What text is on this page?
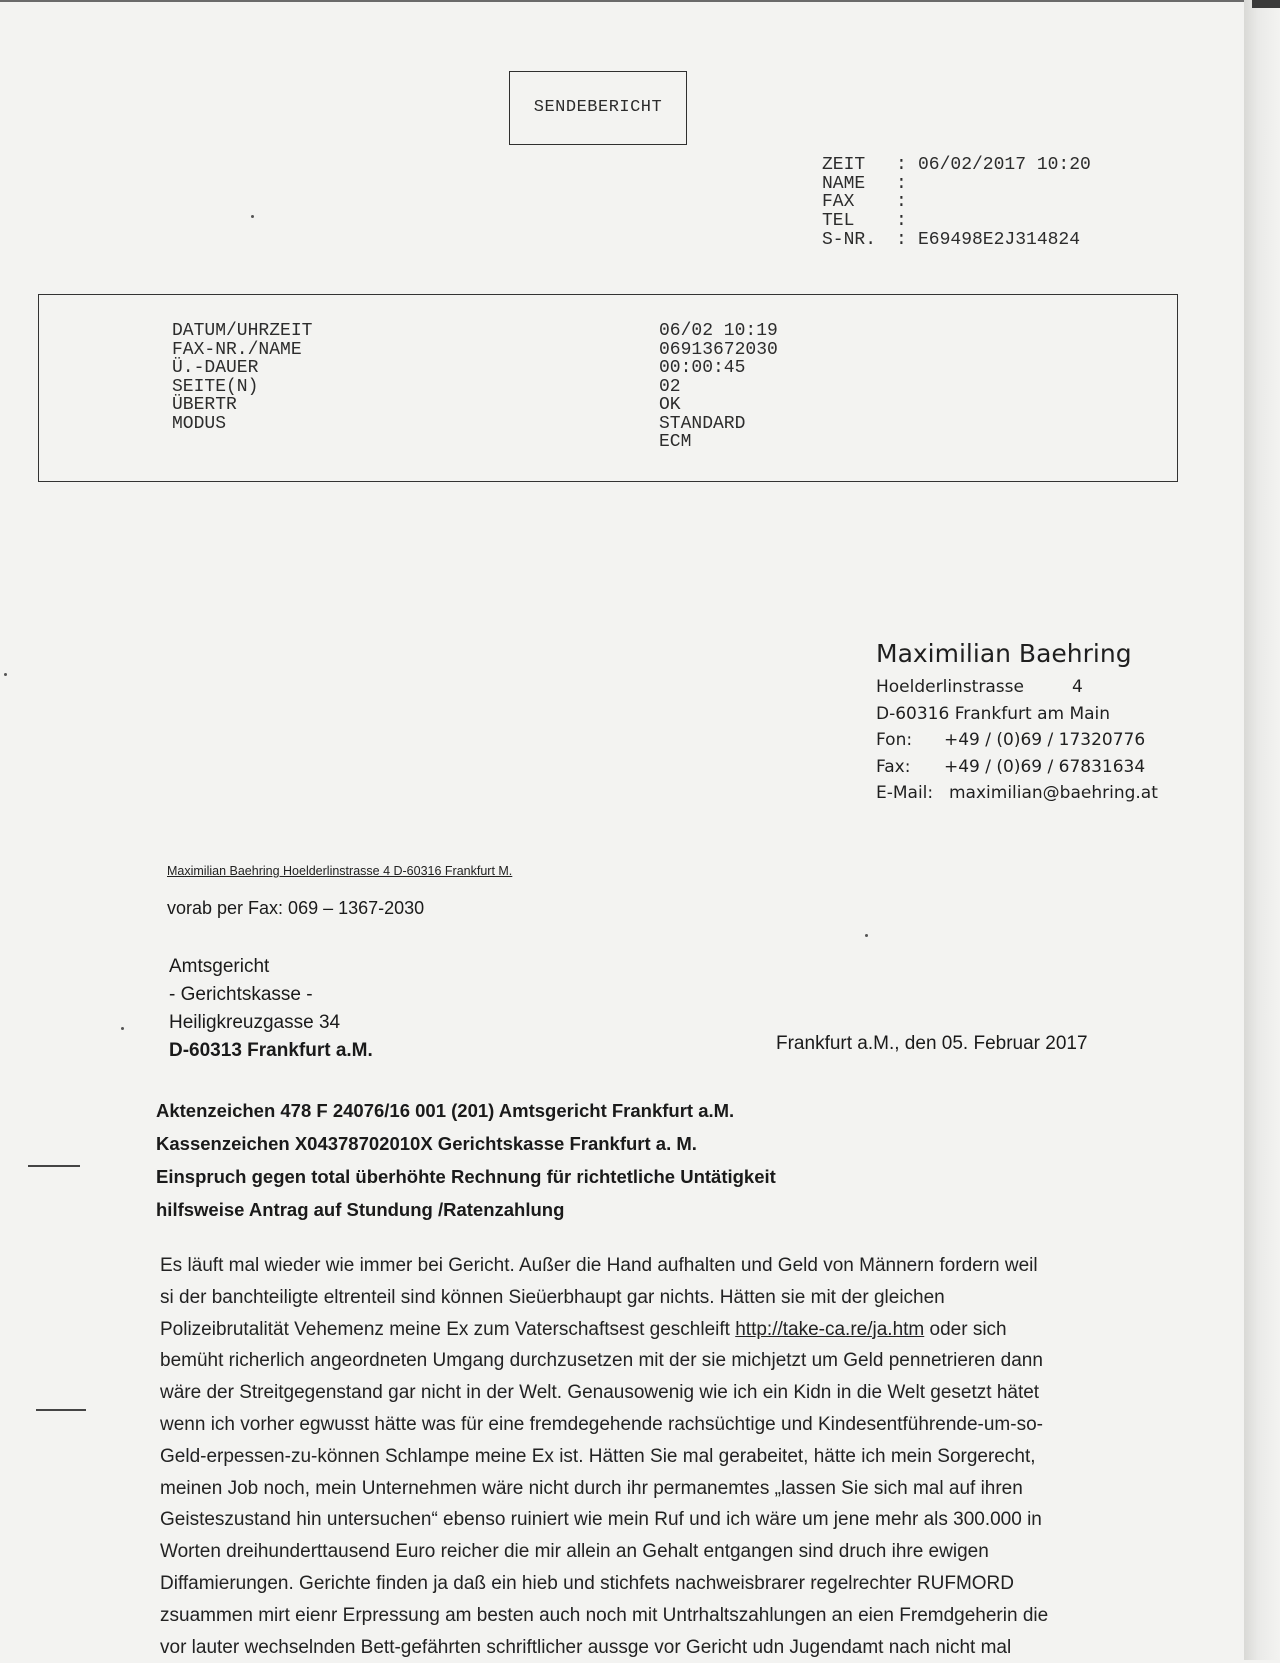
SENDEBERICHT
ZEIT : 06/02/2017 10:20
NAME :
FAX :
TEL :
S-NR. : E69498E2J314824
DATUM/UHRZEIT
FAX-NR./NAME
Ü.-DAUER
SEITE(N)
ÜBERTR
MODUS
06/02 10:19
06913672030
00:00:45
02
OK
STANDARD
ECM
Maximilian Baehring
Hoelderlinstrasse	4
D-60316 Frankfurt am Main
Fon: +49 / (0)69 / 17320776
Fax: +49 / (0)69 / 67831634
E-Mail: maximilian@baehring.at
Maximilian Baehring Hoelderlinstrasse 4 D-60316 Frankfurt M.
vorab per Fax: 069 – 1367-2030
Amtsgericht
- Gerichtskasse -
Heiligkreuzgasse 34
D-60313 Frankfurt a.M.	Frankfurt a.M., den 05. Februar 2017
Aktenzeichen 478 F 24076/16 001 (201) Amtsgericht Frankfurt a.M.
Kassenzeichen X04378702010X Gerichtskasse Frankfurt a. M.
Einspruch gegen total überhöhte Rechnung für richtetliche Untätigkeit
hilfsweise Antrag auf Stundung /Ratenzahlung
Es läuft mal wieder wie immer bei Gericht. Außer die Hand aufhalten und Geld von Männern fordern weil
si der banchteiligte eltrenteil sind können Sieüerbhaupt gar nichts. Hätten sie mit der gleichen
Polizeibrutalität Vehemenz meine Ex zum Vaterschaftsest geschleift http://take-ca.re/ja.htm oder sich
bemüht richerlich angeordneten Umgang durchzusetzen mit der sie michjetzt um Geld pennetrieren dann
wäre der Streitgegenstand gar nicht in der Welt. Genausowenig wie ich ein Kidn in die Welt gesetzt hätet
wenn ich vorher egwusst hätte was für eine fremdegehende rachsüchtige und Kindesentführende-um-so-
Geld-erpessen-zu-können Schlampe meine Ex ist. Hätten Sie mal gerabeitet, hätte ich mein Sorgerecht,
meinen Job noch, mein Unternehmen wäre nicht durch ihr permanemtes „lassen Sie sich mal auf ihren
Geisteszustand hin untersuchen“ ebenso ruiniert wie mein Ruf und ich wäre um jene mehr als 300.000 in
Worten dreihunderttausend Euro reicher die mir allein an Gehalt entgangen sind druch ihre ewigen
Diffamierungen. Gerichte finden ja daß ein hieb und stichfets nachweisbrarer regelrechter RUFMORD
zsuammen mirt eienr Erpressung am besten auch noch mit Untrhaltszahlungen an eien Fremdgeherin die
vor lauter wechselnden Bett-gefährten schriftlicher aussge vor Gericht udn Jugendamt nach nicht mal
